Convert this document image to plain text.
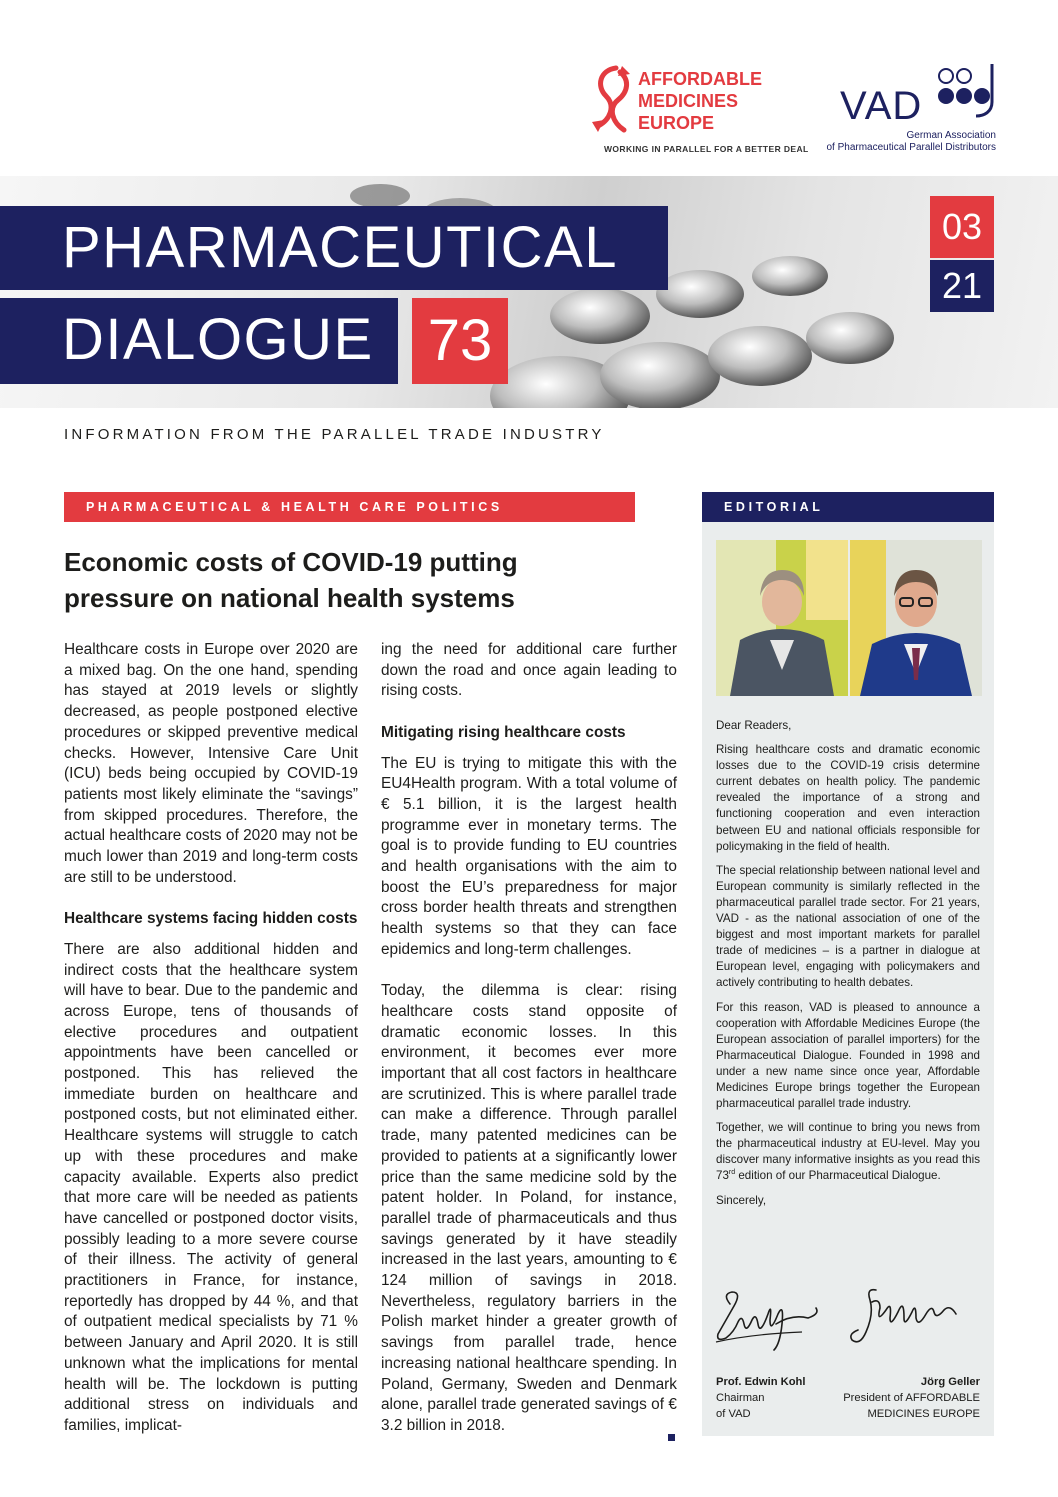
AFFORDABLE
MEDICINES
EUROPE
WORKING IN PARALLEL FOR A BETTER DEAL
VAD
German Association
of Pharmaceutical Parallel Distributors
PHARMACEUTICAL
DIALOGUE 73
03
21
INFORMATION FROM THE PARALLEL TRADE INDUSTRY
PHARMACEUTICAL & HEALTH CARE POLITICS	EDITORIAL
Economic costs of COVID-19 putting pressure on national health systems

Healthcare costs in Europe over 2020 are a mixed bag. On the one hand, spending has stayed at 2019 levels or slightly decreased, as people postponed elective procedures or skipped preventive medical checks. However, Intensive Care Unit (ICU) beds being occupied by COVID-19 patients most likely eliminate the “savings” from skipped procedures. Therefore, the actual healthcare costs of 2020 may not be much lower than 2019 and long-term costs are still to be understood.

Healthcare systems facing hidden costs

There are also additional hidden and indirect costs that the healthcare system will have to bear. Due to the pandemic and across Europe, tens of thousands of elective procedures and outpatient appointments have been cancelled or postponed. This has relieved the immediate burden on healthcare and postponed costs, but not eliminated either. Healthcare systems will struggle to catch up with these procedures and make capacity available. Experts also predict that more care will be needed as patients have cancelled or postponed doctor visits, possibly leading to a more severe course of their illness. The activity of general practitioners in France, for instance, reportedly has dropped by 44 %, and that of outpatient medical specialists by 71 % between January and April 2020. It is still unknown what the implications for mental health will be. The lockdown is putting additional stress on individuals and families, implicat-

ing the need for additional care further down the road and once again leading to rising costs.

Mitigating rising healthcare costs

The EU is trying to mitigate this with the EU4Health program. With a total volume of € 5.1 billion, it is the largest health programme ever in monetary terms. The goal is to provide funding to EU countries and health organisations with the aim to boost the EU’s preparedness for major cross border health threats and strengthen health systems so that they can face epidemics and long-term challenges.

Today, the dilemma is clear: rising healthcare costs stand opposite of dramatic economic losses. In this environment, it becomes ever more important that all cost factors in healthcare are scrutinized. This is where parallel trade can make a difference. Through parallel trade, many patented medicines can be provided to patients at a significantly lower price than the same medicine sold by the patent holder. In Poland, for instance, parallel trade of pharmaceuticals and thus savings generated by it have steadily increased in the last years, amounting to € 124 million of savings in 2018. Nevertheless, regulatory barriers in the Polish market hinder a greater growth of savings from parallel trade, hence increasing national healthcare spending. In Poland, Germany, Sweden and Denmark alone, parallel trade generated savings of € 3.2 billion in 2018.

Dear Readers,

Rising healthcare costs and dramatic economic losses due to the COVID-19 crisis determine current debates on health policy. The pandemic revealed the importance of a strong and functioning cooperation and even interaction between EU and national officials responsible for policymaking in the field of health.

The special relationship between national level and European community is similarly reflected in the pharmaceutical parallel trade sector. For 21 years, VAD - as the national association of one of the biggest and most important markets for parallel trade of medicines – is a partner in dialogue at European level, engaging with policymakers and actively contributing to health debates.

For this reason, VAD is pleased to announce a cooperation with Affordable Medicines Europe (the European association of parallel importers) for the Pharmaceutical Dialogue. Founded in 1998 and under a new name since once year, Affordable Medicines Europe brings together the European pharmaceutical parallel trade industry.

Together, we will continue to bring you news from the pharmaceutical industry at EU-level. May you discover many informative insights as you read this 73rd edition of our Pharmaceutical Dialogue.

Sincerely,

Prof. Edwin Kohl
Chairman
of VAD
Jörg Geller
President of AFFORDABLE
MEDICINES EUROPE
